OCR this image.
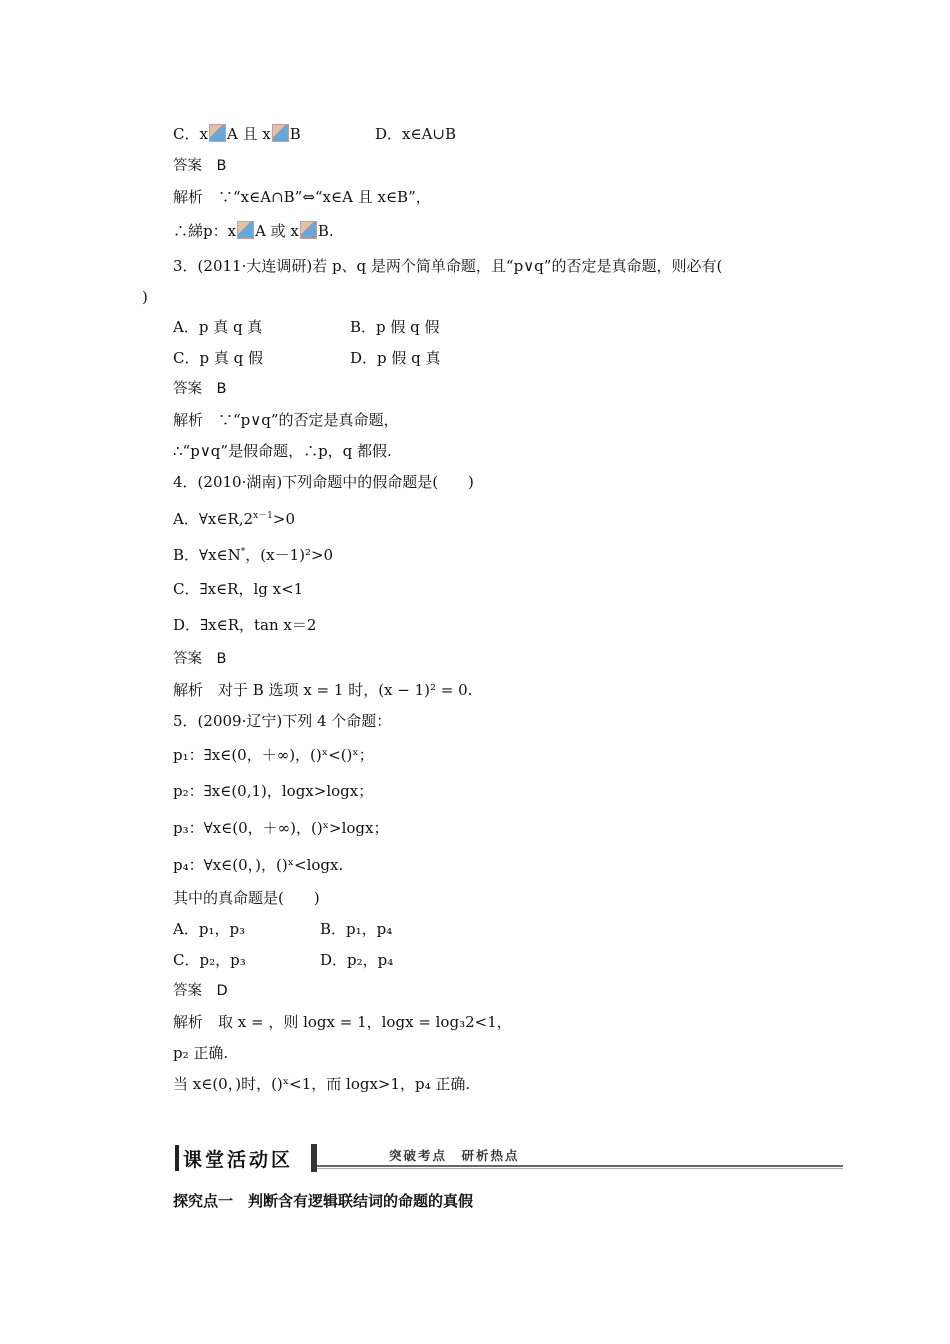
C．x A 且 x B	D．x∈A∪B
答案　B
解析　∵“x∈A∩B”⇔“x∈A 且 x∈B”，
∴綈p：x A 或 x B.
3．(2011·大连调研)若 p、q 是两个简单命题，且“p∨q”的否定是真命题，则必有(
)
A．p 真 q 真	B．p 假 q 假
C．p 真 q 假	D．p 假 q 真
答案　B
解析　∵“p∨q”的否定是真命题，
∴“p∨q”是假命题，∴p，q 都假.
4．(2010·湖南)下列命题中的假命题是(　　)
A．$\forall x\in R,2^{x-1}>0$
B．∀x∈N*，(x－1)²>0
C．∃x∈R，lg x<1
D．∃x∈R，tan x＝2
答案　B
解析　对于 B 选项 x = 1 时，(x − 1)² = 0.
5．(2009·辽宁)下列 4 个命题：
p₁：∃x∈(0，＋∞)，()ˣ<()ˣ；
p₂：∃x∈(0,1)，logx>logx；
p₃：∀x∈(0，＋∞)，()ˣ>logx；
p₄：∀x∈(0，)，()ˣ<logx.
其中的真命题是(　　)
A．p₁，p₃	B．p₁，p₄
C．p₂，p₃	D．p₂，p₄
答案　D
解析　取 x = ，则 logx = 1，logx = log₃2<1，
p₂ 正确.
当 x∈(0，)时，()ˣ<1，而 logx>1，p₄ 正确.
课堂活动区	突破考点　研析热点
探究点一　判断含有逻辑联结词的命题的真假
